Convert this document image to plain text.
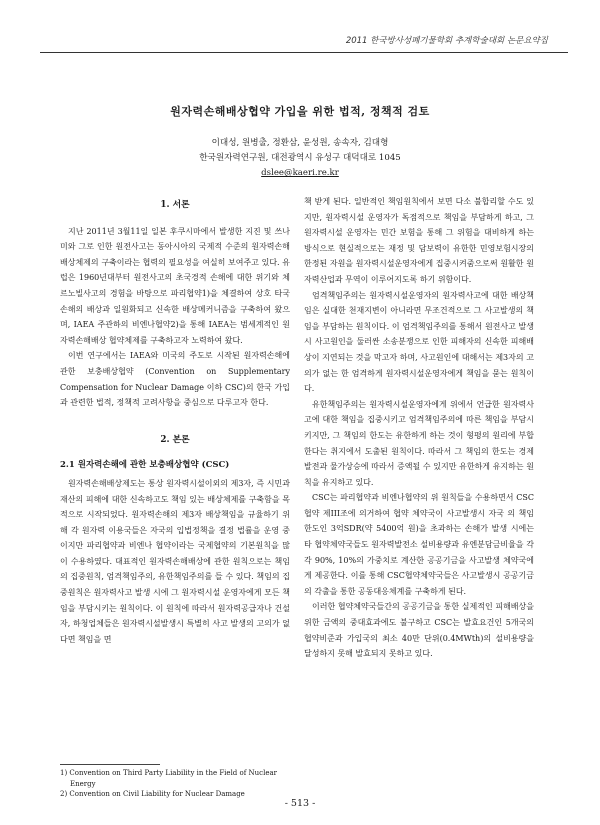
2011 한국방사성폐기물학회 추계학술대회 논문요약집
원자력손해배상협약 가입을 위한 법적, 정책적 검토
이대성, 원병출, 정환삼, 윤성원, 송속자, 김대형
한국원자력연구원, 대전광역시 유성구 대덕대로 1045
dslee@kaeri.re.kr
1. 서론

지난 2011년 3월11일 일본 후쿠시마에서 발생한 지진 및 쓰나미와 그로 인한 원전사고는 동아시아의 국제적 수준의 원자력손해배상체제의 구축이라는 협력의 필요성을 여실히 보여주고 있다. 유럽은 1960년대부터 원전사고의 초국경적 손해에 대한 위기와 체르노빌사고의 경험을 바탕으로 파리협약1)을 체결하여 상호 타국 손해의 배상과 일원화되고 신속한 배상메커니즘을 구축하여 왔으며, IAEA 주관하의 비엔나협약2)을 통해 IAEA는 범세계적인 원자력손해배상 협약체제를 구축하고자 노력하여 왔다.

이번 연구에서는 IAEA와 미국의 주도로 시작된 원자력손해에 관한 보충배상협약 (Convention on Supplementary Compensation for Nuclear Damage 이하 CSC)의 한국 가입과 관련한 법적, 정책적 고려사항을 중심으로 다루고자 한다.

2. 본론
2.1 원자력손해에 관한 보충배상협약 (CSC)

원자력손해배상제도는 통상 원자력시설이외의 제3자, 즉 시민과 재산의 피해에 대한 신속하고도 책임 있는 배상체제를 구축함을 목적으로 시작되었다. 원자력손해의 제3자 배상책임을 규율하기 위해 각 원자력 이용국들은 자국의 입법정책을 결정 법률을 운영 중이지만 파리협약과 비엔나 협약이라는 국제협약의 기본원칙을 많이 수용하였다. 대표적인 원자력손해배상에 관한 원칙으로는 책임의 집중원칙, 엄격책임주의, 유한책임주의를 들 수 있다. 책임의 집중원칙은 원자력사고 발생 시에 그 원자력시설 운영자에게 모든 책임을 부담시키는 원칙이다. 이 원칙에 따라서 원자력공급자나 건설자, 하청업체들은 원자력시설발생시 특별히 사고 발생의 고의가 없다면 책임을 면

책 받게 된다. 일반적인 책임원칙에서 보면 다소 불합리할 수도 있지만, 원자력시설 운영자가 독점적으로 책임을 부담하게 하고, 그 원자력시설 운영자는 민간 보험을 통해 그 위험을 대비하게 하는 방식으로 현실적으로는 재정 및 담보력이 유한한 민영보험시장의 한정된 자원을 원자력시설운영자에게 집중시켜줌으로써 원활한 원자력산업과 무역이 이루어지도록 하기 위함이다.

엄격책임주의는 원자력시설운영자의 원자력사고에 대한 배상책임은 실대한 천재지변이 아니라면 무조건적으로 그 사고발생의 책임을 부담하는 원칙이다. 이 엄격책임주의를 통해서 원전사고 발생 시 사고원인을 둘러싼 소송분쟁으로 인한 피해자의 신속한 피해배상이 지연되는 것을 막고자 하며, 사고원인에 대해서는 제3자의 고의가 없는 한 엄격하게 원자력시설운영자에게 책임을 묻는 원칙이다.

유한책임주의는 원자력시설운영자에게 위에서 언급한 원자력사고에 대한 책임을 집중시키고 엄격책임주의에 따른 책임을 부담시키지만, 그 책임의 한도는 유한하게 하는 것이 형평의 원리에 부합한다는 취지에서 도출된 원칙이다. 따라서 그 책임의 한도는 경제발전과 물가상승에 따라서 증액될 수 있지만 유한하게 유지하는 원칙을 유지하고 있다.

CSC는 파리협약과 비엔나협약의 위 원칙들을 수용하면서 CSC 협약 제III조에 의거하여 협약 체약국이 사고발생시 자국 의 책임한도인 3억SDR(약 5400억 원)을 초과하는 손해가 발생 시에는 타 협약체약국들도 원자력발전소 설비용량과 유엔분담금비율을 각각 90%, 10%의 가중치로 계산한 공공기금을 사고발생 체약국에게 제공한다. 이를 통해 CSC협약체약국들은 사고발생시 공공기금의 각출을 통한 공동대응체계를 구축하게 된다.

이러한 협약체약국들간의 공공기금을 통한 실제적인 피해배상을 위한 금액의 중대효과에도 불구하고 CSC는 발효요건인 5개국의 협약비준과 가입국의 최소 40만 단위(0.4MWth)의 설비용량을 달성하지 못해 발효되지 못하고 있다.

1) Convention on Third Party Liability in the Field of Nuclear Energy
2) Convention on Civil Liability for Nuclear Damage
- 513 -
